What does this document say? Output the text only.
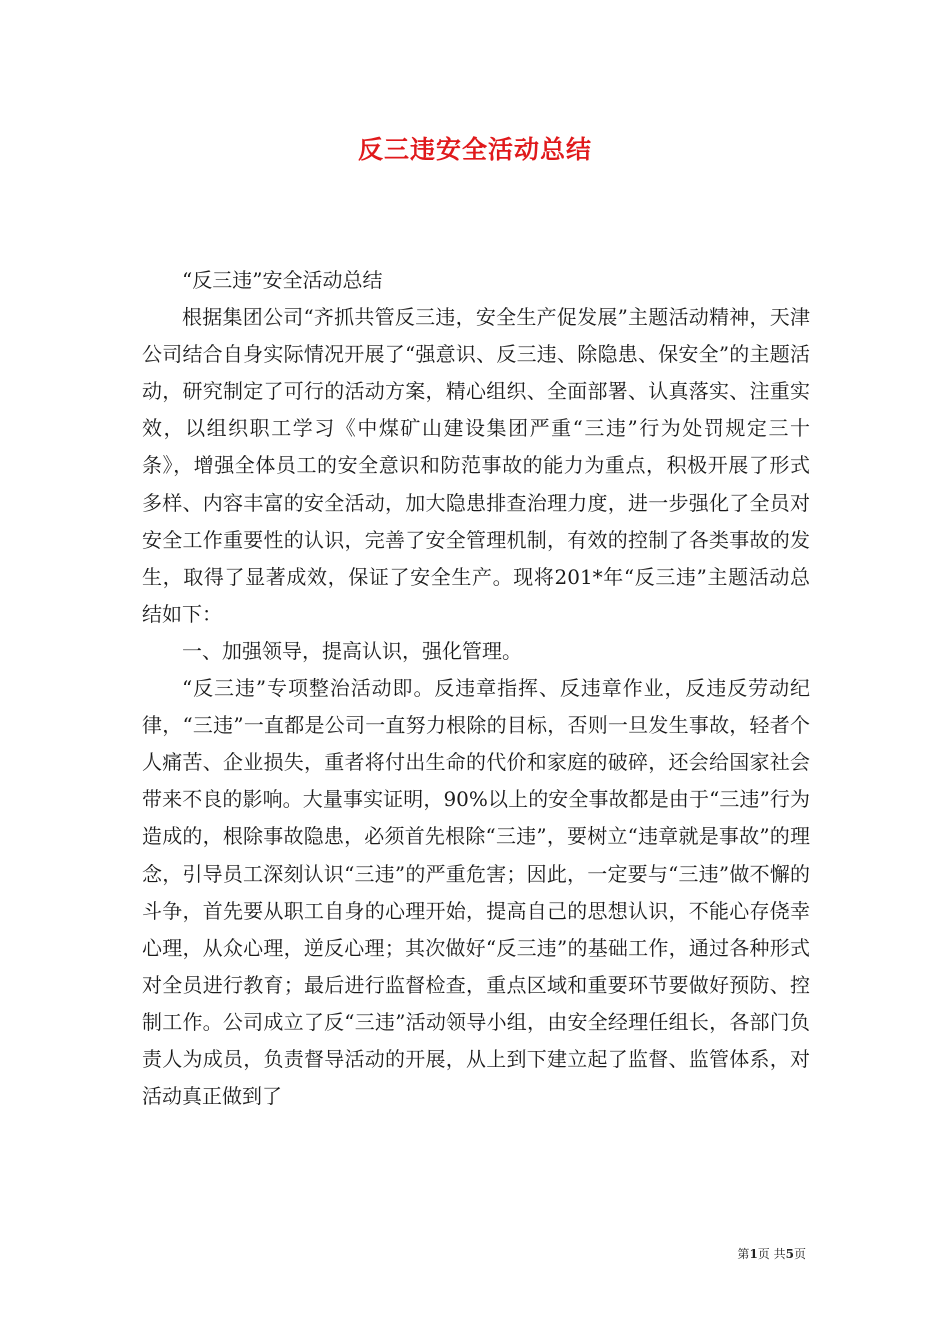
反三违安全活动总结

“反三违”安全活动总结

根据集团公司“齐抓共管反三违，安全生产促发展”主题活动精神，天津公司结合自身实际情况开展了“强意识、反三违、除隐患、保安全”的主题活动，研究制定了可行的活动方案，精心组织、全面部署、认真落实、注重实效，以组织职工学习《中煤矿山建设集团严重“三违”行为处罚规定三十条》，增强全体员工的安全意识和防范事故的能力为重点，积极开展了形式多样、内容丰富的安全活动，加大隐患排查治理力度，进一步强化了全员对安全工作重要性的认识，完善了安全管理机制，有效的控制了各类事故的发生，取得了显著成效，保证了安全生产。现将201*年“反三违”主题活动总结如下：

一、加强领导，提高认识，强化管理。

“反三违”专项整治活动即。反违章指挥、反违章作业，反违反劳动纪律，“三违”一直都是公司一直努力根除的目标，否则一旦发生事故，轻者个人痛苦、企业损失，重者将付出生命的代价和家庭的破碎，还会给国家社会带来不良的影响。大量事实证明，90%以上的安全事故都是由于“三违”行为造成的，根除事故隐患，必须首先根除“三违”，要树立“违章就是事故”的理念，引导员工深刻认识“三违”的严重危害；因此，一定要与“三违”做不懈的斗争，首先要从职工自身的心理开始，提高自己的思想认识，不能心存侥幸心理，从众心理，逆反心理；其次做好“反三违”的基础工作，通过各种形式对全员进行教育；最后进行监督检查，重点区域和重要环节要做好预防、控制工作。公司成立了反“三违”活动领导小组，由安全经理任组长，各部门负责人为成员，负责督导活动的开展，从上到下建立起了监督、监管体系，对活动真正做到了

第1页 共5页
